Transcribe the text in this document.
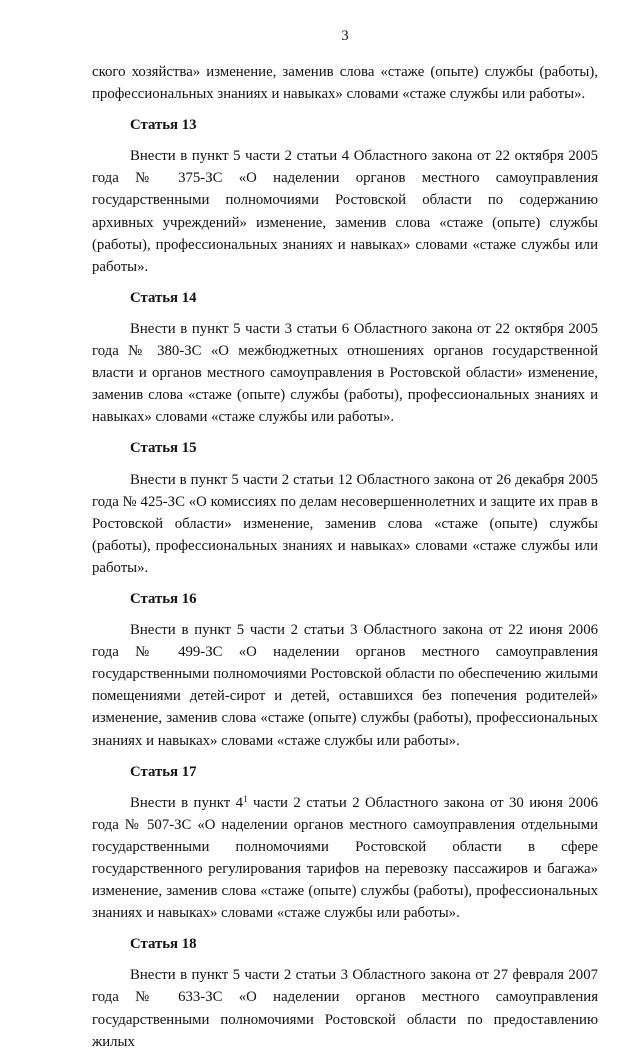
3

ского хозяйства» изменение, заменив слова «стаже (опыте) службы (работы), профессиональных знаниях и навыках» словами «стаже службы или работы».

Статья 13

Внести в пункт 5 части 2 статьи 4 Областного закона от 22 октября 2005 года № 375-ЗС «О наделении органов местного самоуправления государственными полномочиями Ростовской области по содержанию архивных учреждений» изменение, заменив слова «стаже (опыте) службы (работы), профессиональных знаниях и навыках» словами «стаже службы или работы».

Статья 14

Внести в пункт 5 части 3 статьи 6 Областного закона от 22 октября 2005 года № 380-ЗС «О межбюджетных отношениях органов государственной власти и органов местного самоуправления в Ростовской области» изменение, заменив слова «стаже (опыте) службы (работы), профессиональных знаниях и навыках» словами «стаже службы или работы».

Статья 15

Внести в пункт 5 части 2 статьи 12 Областного закона от 26 декабря 2005 года № 425-ЗС «О комиссиях по делам несовершеннолетних и защите их прав в Ростовской области» изменение, заменив слова «стаже (опыте) службы (работы), профессиональных знаниях и навыках» словами «стаже службы или работы».

Статья 16

Внести в пункт 5 части 2 статьи 3 Областного закона от 22 июня 2006 года № 499-ЗС «О наделении органов местного самоуправления государственными полномочиями Ростовской области по обеспечению жилыми помещениями детей-сирот и детей, оставшихся без попечения родителей» изменение, заменив слова «стаже (опыте) службы (работы), профессиональных знаниях и навыках» словами «стаже службы или работы».

Статья 17

Внести в пункт $4^1$ части 2 статьи 2 Областного закона от 30 июня 2006 года № 507-ЗС «О наделении органов местного самоуправления отдельными государственными полномочиями Ростовской области в сфере государственного регулирования тарифов на перевозку пассажиров и багажа» изменение, заменив слова «стаже (опыте) службы (работы), профессиональных знаниях и навыках» словами «стаже службы или работы».

Статья 18

Внести в пункт 5 части 2 статьи 3 Областного закона от 27 февраля 2007 года № 633-ЗС «О наделении органов местного самоуправления государственными полномочиями Ростовской области по предоставлению жилых
